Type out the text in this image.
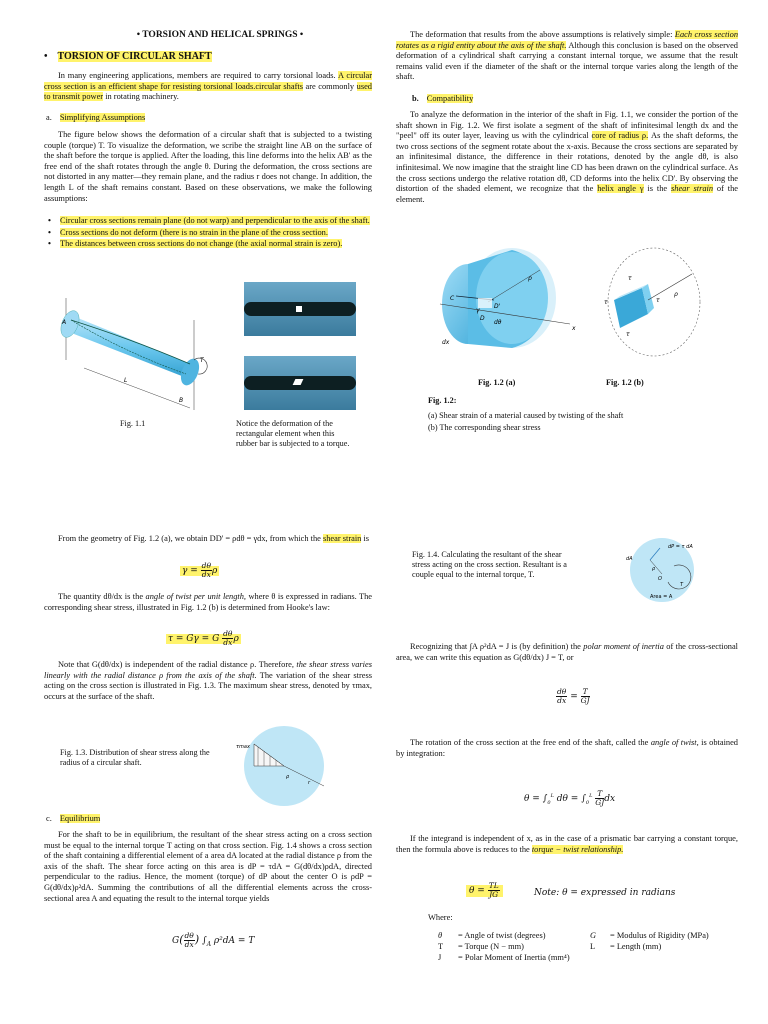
• TORSION AND HELICAL SPRINGS •
• TORSION OF CIRCULAR SHAFT

In many engineering applications, members are required to carry torsional loads. A circular cross section is an efficient shape for resisting torsional loads.circular shafts are commonly used to transmit power in rotating machinery.

a. Simplifying Assumptions

The figure below shows the deformation of a circular shaft that is subjected to a twisting couple (torque) T. To visualize the deformation, we scribe the straight line AB on the surface of the shaft before the torque is applied. After the loading, this line deforms into the helix AB' as the free end of the shaft rotates through the angle θ. During the deformation, the cross sections are not distorted in any matter—they remain plane, and the radius r does not change. In addition, the length L of the shaft remains constant. Based on these observations, we make the following assumptions:

• Circular cross sections remain plane (do not warp) and perpendicular to the axis of the shaft.
• Cross sections do not deform (there is no strain in the plane of the cross section.
• The distances between cross sections do not change (the axial normal strain is zero).
A
B
T
L
Fig. 1.1	Notice the deformation of the rectangular element when this rubber bar is subjected to a torque.

From the geometry of Fig. 1.2 (a), we obtain DD' = ρdθ = γdx, from which the shear strain is

$\gamma = \frac{d\theta}{dx}$ ρ

The quantity dθ/dx is the angle of twist per unit length, where θ is expressed in radians. The corresponding shear stress, illustrated in Fig. 1.2 (b) is determined from Hooke's law:

τ = Gγ = G $\frac{d\theta}{dx}$ ρ

Note that G(dθ/dx) is independent of the radial distance ρ. Therefore, the shear stress varies linearly with the radial distance ρ from the axis of the shaft. The variation of the shear stress acting on the cross section is illustrated in Fig. 1.3. The maximum shear stress, denoted by τmax, occurs at the surface of the shaft.

Fig. 1.3. Distribution of shear stress along the radius of a circular shaft.

τmax
ρ
r
c. Equilibrium

For the shaft to be in equilibrium, the resultant of the shear stress acting on a cross section must be equal to the internal torque T acting on that cross section. Fig. 1.4 shows a cross section of the shaft containing a differential element of a area dA located at the radial distance ρ from the axis of the shaft. The shear force acting on this area is dP = τdA = G(dθ/dx)ρdA, directed perpendicular to the radius. Hence, the moment (torque) of dP about the center O is ρdP = G(dθ/dx)ρ²dA. Summing the contributions of all the differential elements across the cross-sectional area A and equating the result to the internal torque yields

$G( \frac{d\theta}{dx}$ ) $\int_A$ ρ²dA = T

The deformation that results from the above assumptions is relatively simple: Each cross section rotates as a rigid entity about the axis of the shaft. Although this conclusion is based on the observed deformation of a cylindrical shaft carrying a constant internal torque, we assume that the result remains valid even if the diameter of the shaft or the internal torque varies along the length of the shaft.

b. Compatibility

To analyze the deformation in the interior of the shaft in Fig. 1.1, we consider the portion of the shaft shown in Fig. 1.2. We first isolate a segment of the shaft of infinitesimal length dx and the "peel" off its outer layer, leaving us with the cylindrical core of radius ρ. As the shaft deforms, the two cross sections of the segment rotate about the x-axis. Because the cross sections are separated by an infinitesimal distance, the difference in their rotations, denoted by the angle dθ, is also infinitesimal. We now imagine that the straight line CD has been drawn on the cylindrical surface. As the cross sections undergo the relative rotation dθ, CD deforms into the helix CD'. By observing the distortion of the shaded element, we recognize that the helix angle γ is the shear strain of the element.

C
D'
D
dθ
ρ
x
dx
γ
ρ
τ
τ
τ
τ
Fig. 1.2 (a)	Fig. 1.2 (b)
Fig. 1.2:
(a) Shear strain of a material caused by twisting of the shaft
(b) The corresponding shear stress

Fig. 1.4. Calculating the resultant of the shear stress acting on the cross section. Resultant is a couple equal to the internal torque, T.

dP = τ dA
dA
ρ
O
T
Area = A

Recognizing that ∫A ρ²dA = J is (by definition) the polar moment of inertia of the cross-sectional area, we can write this equation as G(dθ/dx) J = T, or

$\frac{d\theta}{dx} = \frac{T}{GJ}$

The rotation of the cross section at the free end of the shaft, called the angle of twist, is obtained by integration:

$\theta = \int_0^L$ $d\theta = \int_0^L \frac{T}{GJ}$ dx

If the integrand is independent of x, as in the case of a prismatic bar carrying a constant torque, then the formula above is reduces to the torque − twist relationship.

$\theta = \frac{TL}{JG}$	Note: θ = expressed in radians
Where:
θ	= Angle of twist (degrees)	G	= Modulus of Rigidity (MPa)
T	= Torque (N − mm)	L	= Length (mm)
J	= Polar Moment of Inertia (mm⁴)
